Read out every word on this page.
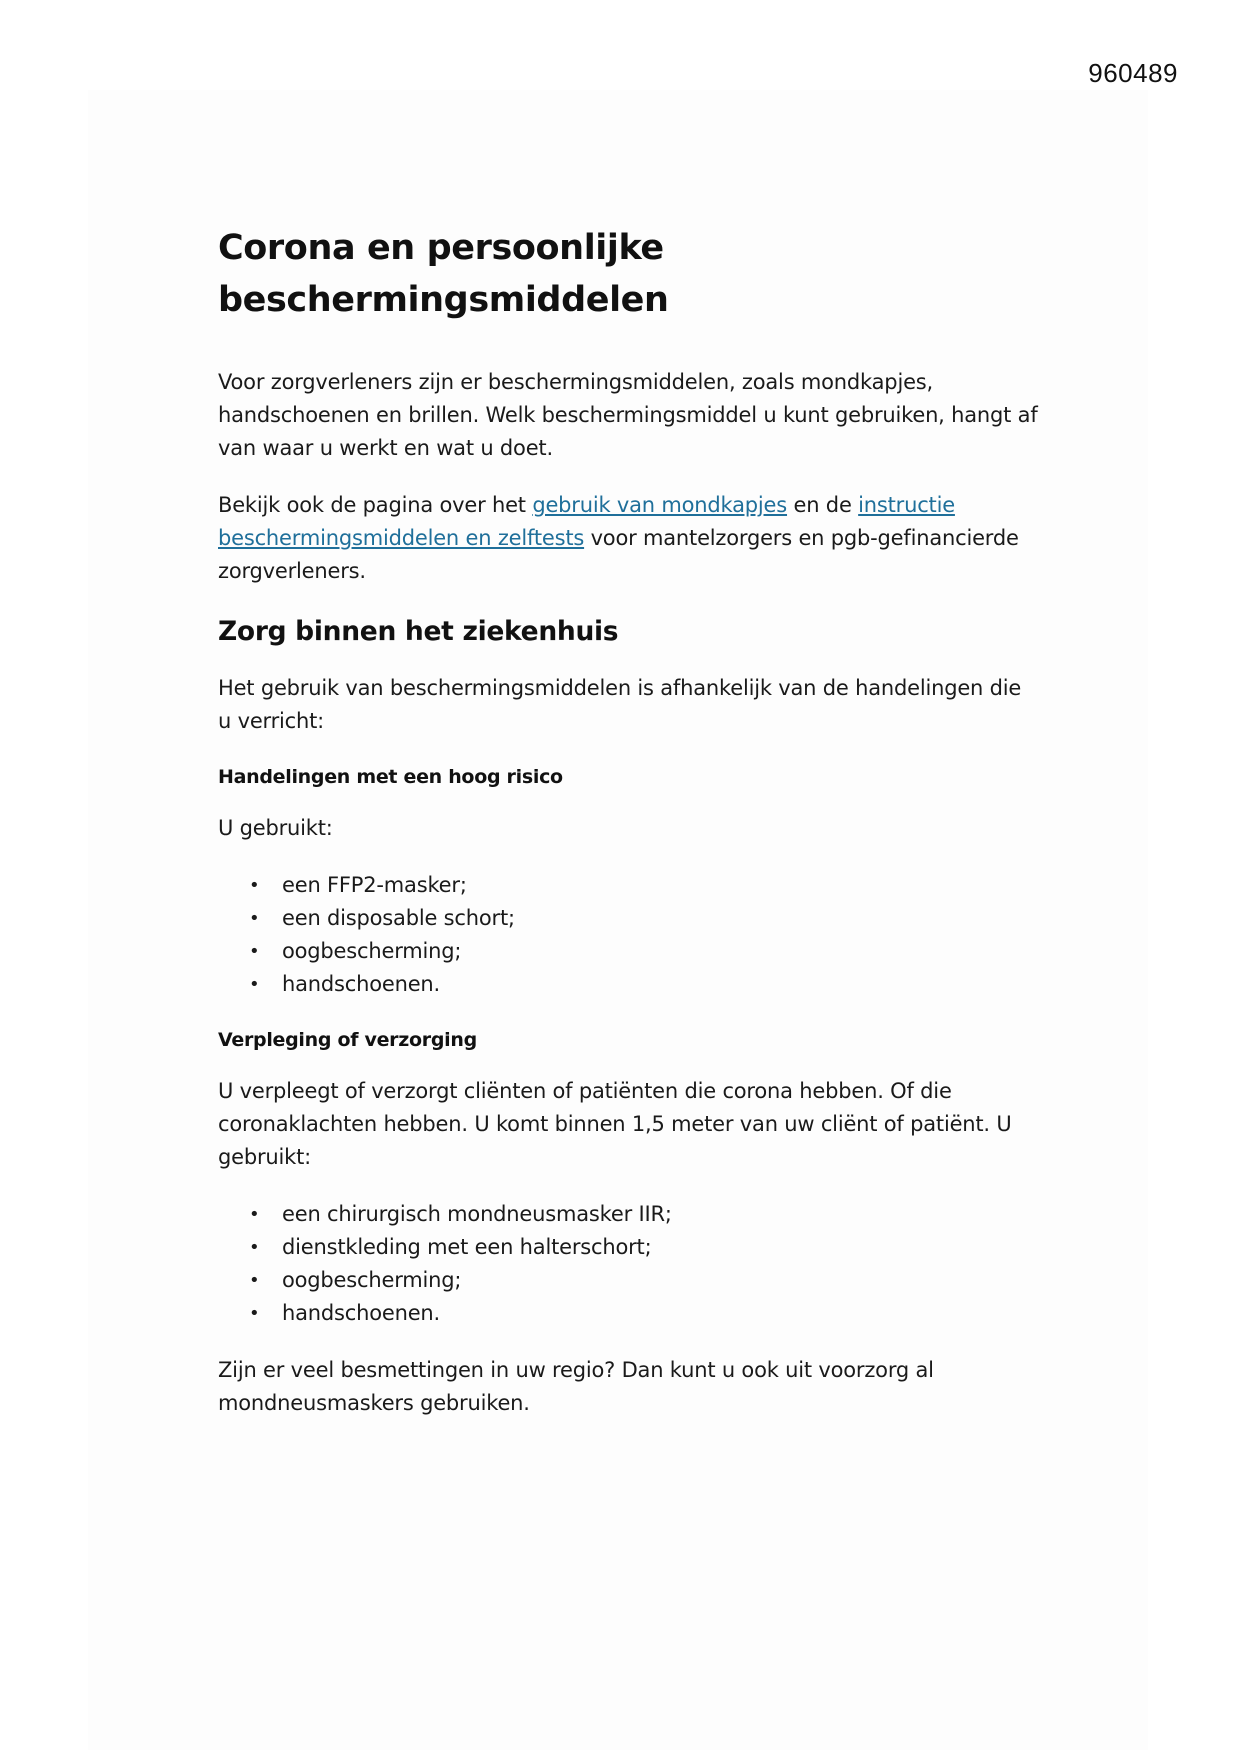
960489
Corona en persoonlijke
beschermingsmiddelen

Voor zorgverleners zijn er beschermingsmiddelen, zoals mondkapjes, handschoenen en brillen. Welk beschermingsmiddel u kunt gebruiken, hangt af van waar u werkt en wat u doet.

Bekijk ook de pagina over het gebruik van mondkapjes en de instructie beschermingsmiddelen en zelftests voor mantelzorgers en pgb-gefinancierde zorgverleners.

Zorg binnen het ziekenhuis

Het gebruik van beschermingsmiddelen is afhankelijk van de handelingen die u verricht:

Handelingen met een hoog risico

U gebruikt:

• een FFP2-masker;
• een disposable schort;
• oogbescherming;
• handschoenen.
Verpleging of verzorging

U verpleegt of verzorgt cliënten of patiënten die corona hebben. Of die coronaklachten hebben. U komt binnen 1,5 meter van uw cliënt of patiënt. U gebruikt:

• een chirurgisch mondneusmasker IIR;
• dienstkleding met een halterschort;
• oogbescherming;
• handschoenen.

Zijn er veel besmettingen in uw regio? Dan kunt u ook uit voorzorg al mondneusmaskers gebruiken.
